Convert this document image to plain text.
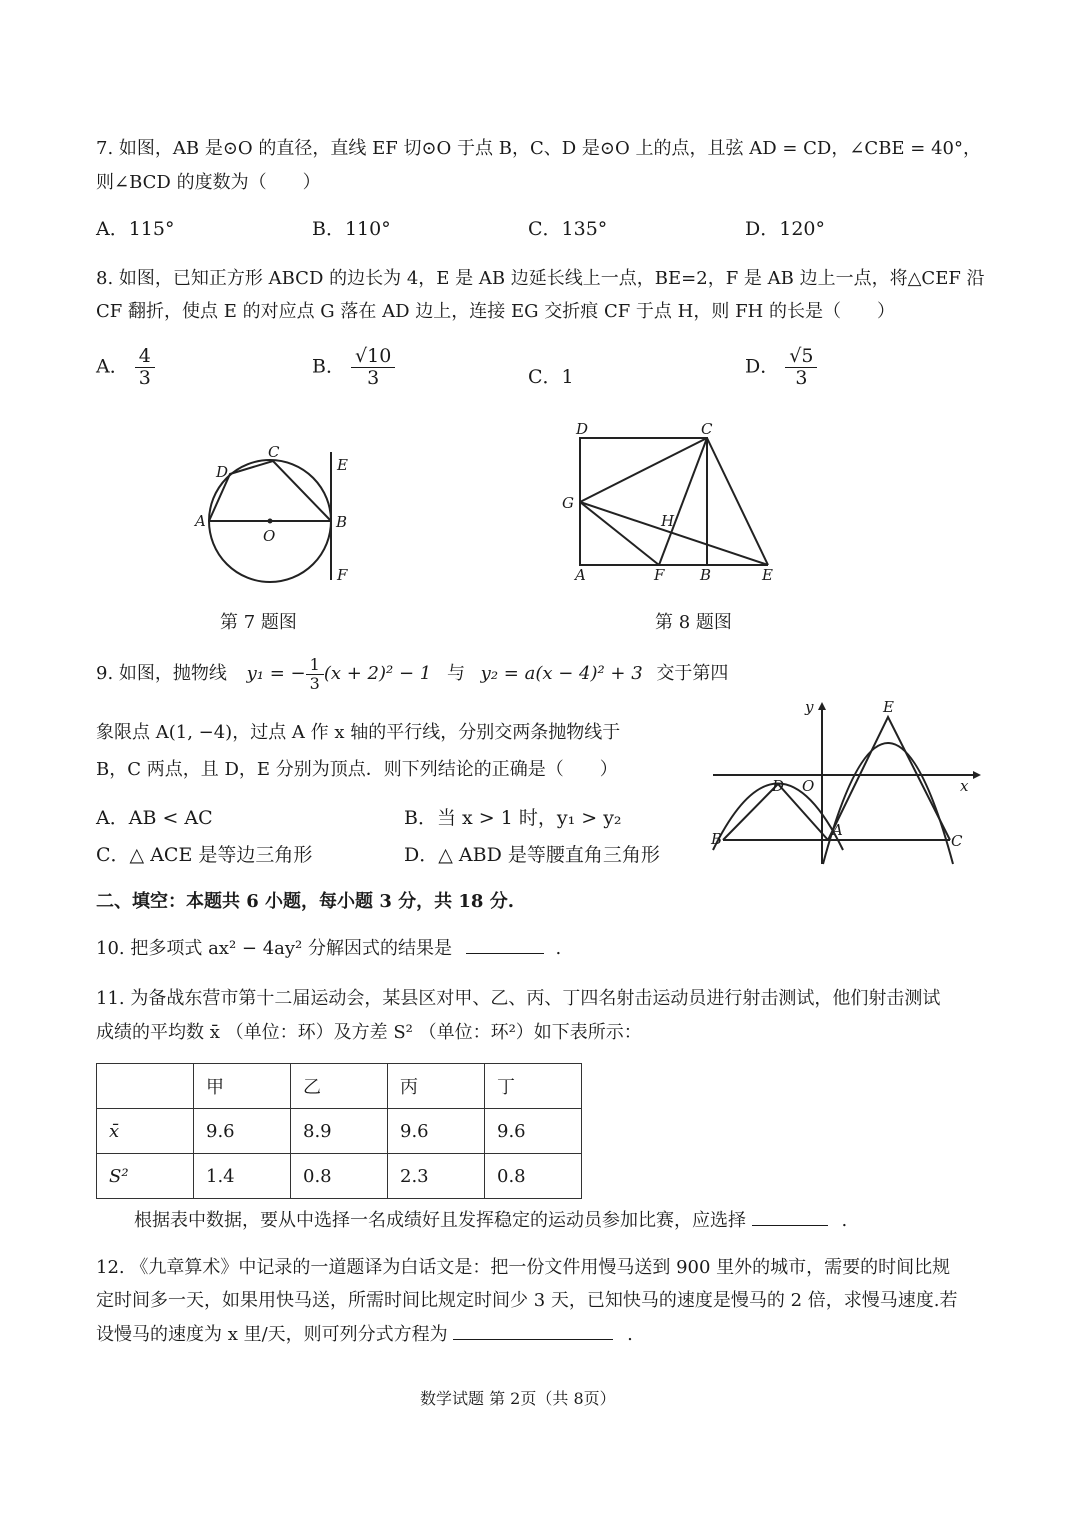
7. 如图，AB 是⊙O 的直径，直线 EF 切⊙O 于点 B，C、D 是⊙O 上的点，且弦 AD = CD，∠CBE = 40°，
则∠BCD 的度数为（　　）
A．115°	B．110°	C．135°	D．120°
8. 如图，已知正方形 ABCD 的边长为 4，E 是 AB 边延长线上一点，BE=2，F 是 AB 边上一点，将△CEF 沿
CF 翻折，使点 E 的对应点 G 落在 AD 边上，连接 EG 交折痕 CF 于点 H，则 FH 的长是（　　）
A． $\frac{4}{3}$	B． $\frac{√10}{3}$	C．1	D． $\frac{√5}{3}$
A	B
C
D	E
F
O
第 7 题图
D	C
G
H
A	F B	E
第 8 题图
9. 如图，抛物线 y₁ = − $\frac{1}{3} (x + 2)^2 - 1$ 与 y₂ = a(x − 4)² + 3 交于第四
象限点 A(1, −4)，过点 A 作 x 轴的平行线，分别交两条抛物线于
B，C 两点，且 D，E 分别为顶点．则下列结论的正确是（　　）
A．AB < AC	B．当 x > 1 时，y₁ > y₂
C．△ ACE 是等边三角形	D．△ ABD 是等腰直角三角形
y
x
O
D
E
A
B	C
二、填空：本题共 6 小题，每小题 3 分，共 18 分.
10. 把多项式 ax² − 4ay² 分解因式的结果是	.
11. 为备战东营市第十二届运动会，某县区对甲、乙、丙、丁四名射击运动员进行射击测试，他们射击测试
成绩的平均数 x̄ （单位：环）及方差 S² （单位：环²）如下表所示：
	甲	乙	丙	丁
x̄	9.6	8.9	9.6	9.6
S²	1.4	0.8	2.3	0.8
根据表中数据，要从中选择一名成绩好且发挥稳定的运动员参加比赛，应选择	.
12. 《九章算术》中记录的一道题译为白话文是：把一份文件用慢马送到 900 里外的城市，需要的时间比规
定时间多一天，如果用快马送，所需时间比规定时间少 3 天，已知快马的速度是慢马的 2 倍，求慢马速度.若
设慢马的速度为 x 里/天，则可列分式方程为	.
数学试题 第 2页（共 8页）
